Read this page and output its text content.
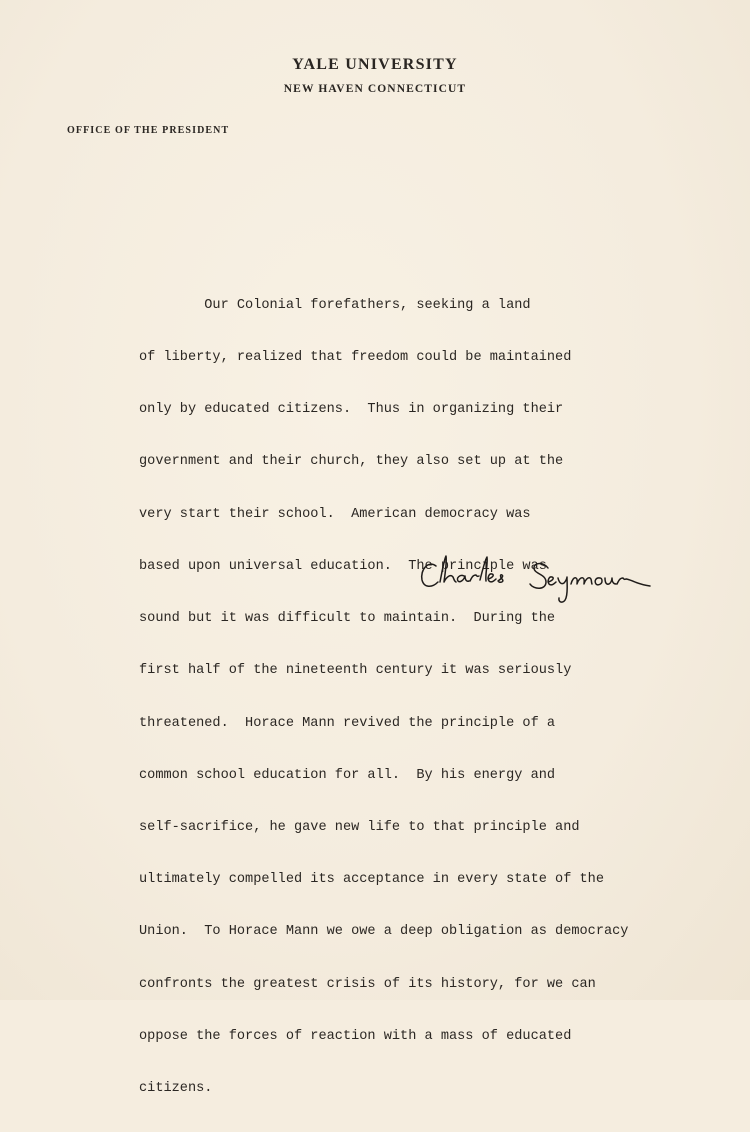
YALE UNIVERSITY
NEW HAVEN CONNECTICUT
OFFICE OF THE PRESIDENT

Our Colonial forefathers, seeking a land

of liberty, realized that freedom could be maintained

only by educated citizens.  Thus in organizing their

government and their church, they also set up at the

very start their school.  American democracy was

based upon universal education.  The principle was

sound but it was difficult to maintain.  During the

first half of the nineteenth century it was seriously

threatened.  Horace Mann revived the principle of a

common school education for all.  By his energy and

self-sacrifice, he gave new life to that principle and

ultimately compelled its acceptance in every state of the

Union.  To Horace Mann we owe a deep obligation as democracy

confronts the greatest crisis of its history, for we can

oppose the forces of reaction with a mass of educated

citizens.
